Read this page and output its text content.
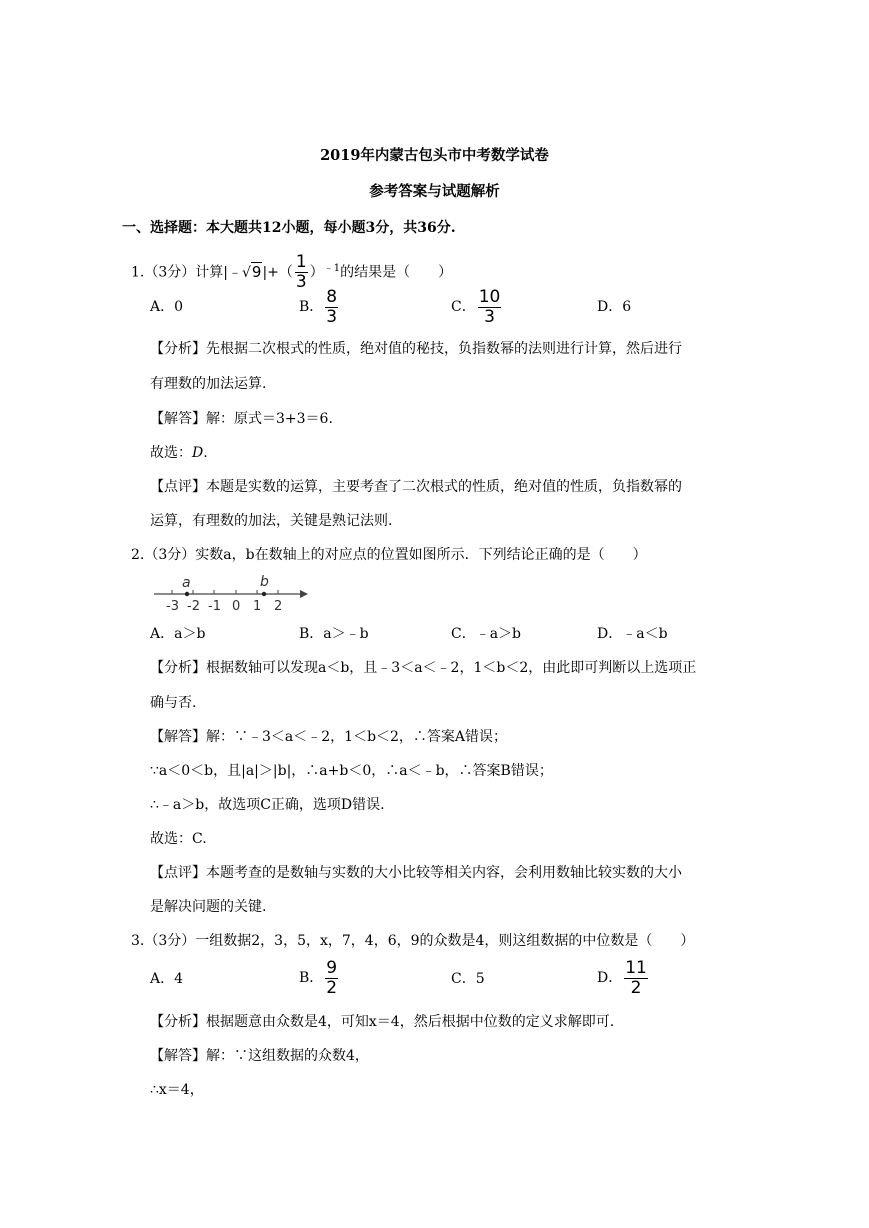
2019年内蒙古包头市中考数学试卷
参考答案与试题解析
一、选择题：本大题共12小题，每小题3分，共36分.
1.（3分）计算|﹣√9|+（ $\frac{1}{3} )^{﹣1}$的结果是（　　）
A．0	B． $\frac{8}{3}$	C． $\frac{10}{3}$	D．6
【分析】先根据二次根式的性质，绝对值的秘技，负指数幂的法则进行计算，然后进行
有理数的加法运算.
【解答】解：原式＝3+3＝6.
故选：D.
【点评】本题是实数的运算，主要考查了二次根式的性质，绝对值的性质，负指数幂的
运算，有理数的加法，关键是熟记法则.
2.（3分）实数a，b在数轴上的对应点的位置如图所示．下列结论正确的是（　　）
a	b
-3 -2 -1 0 1 2
A．a＞b	B．a＞﹣b	C．﹣a＞b	D．﹣a＜b
【分析】根据数轴可以发现a＜b，且﹣3＜a＜﹣2，1＜b＜2，由此即可判断以上选项正
确与否.
【解答】解：∵﹣3＜a＜﹣2，1＜b＜2，∴答案A错误；
∵a＜0＜b，且|a|＞|b|，∴a+b＜0，∴a＜﹣b，∴答案B错误；
∴﹣a＞b，故选项C正确，选项D错误.
故选：C.
【点评】本题考查的是数轴与实数的大小比较等相关内容，会利用数轴比较实数的大小
是解决问题的关键.
3.（3分）一组数据2，3，5，x，7，4，6，9的众数是4，则这组数据的中位数是（　　）
A．4	B． $\frac{9}{2}$	C．5	D． $\frac{11}{2}$
【分析】根据题意由众数是4，可知x＝4，然后根据中位数的定义求解即可.
【解答】解：∵这组数据的众数4，
∴x＝4，
